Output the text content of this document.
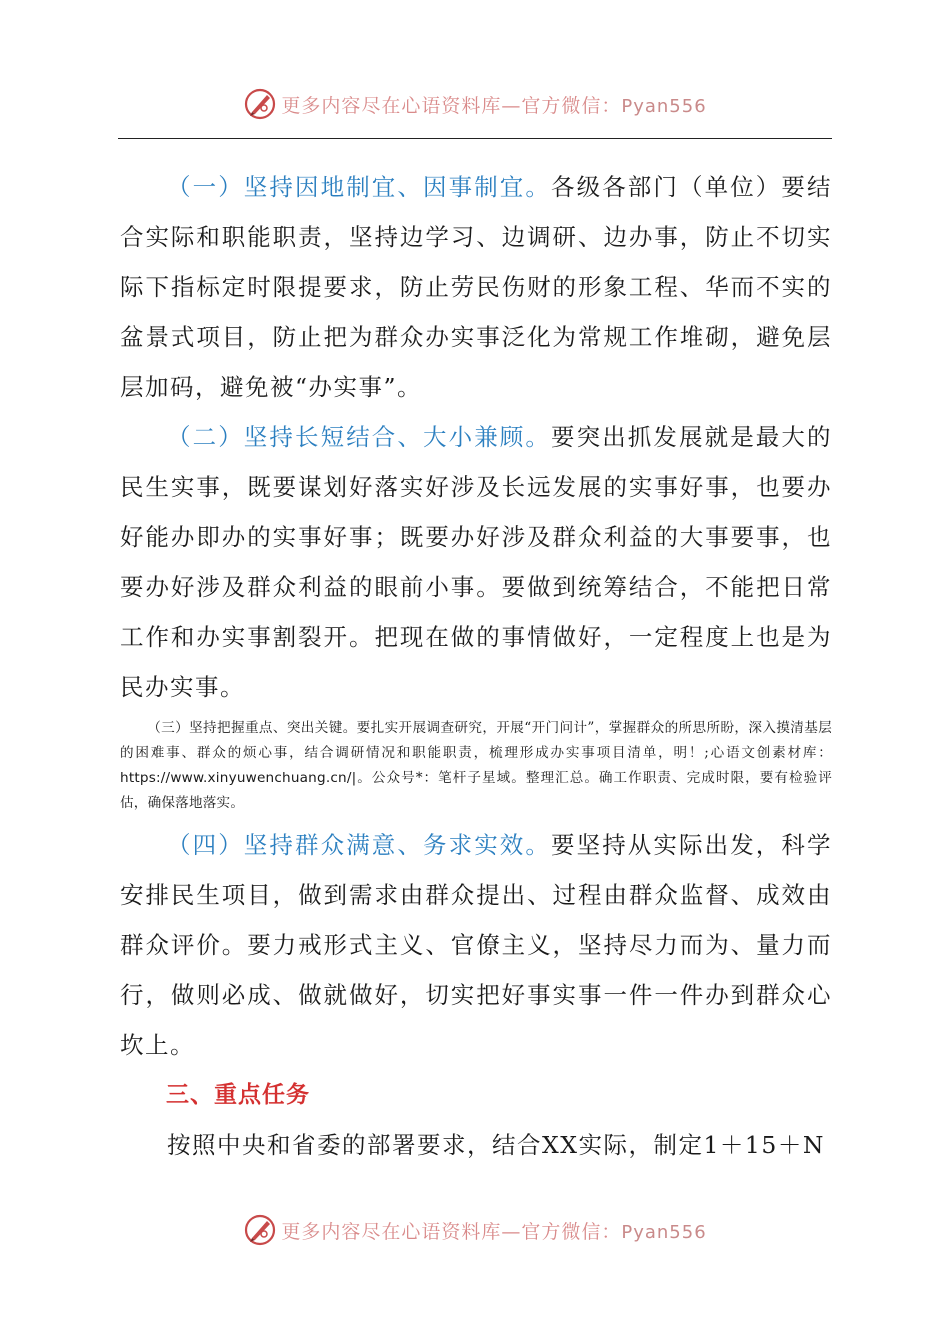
更多内容尽在心语资料库—官方微信：Pyan556

（一）坚持因地制宜、因事制宜。各级各部门（单位）要结合实际和职能职责，坚持边学习、边调研、边办事，防止不切实际下指标定时限提要求，防止劳民伤财的形象工程、华而不实的盆景式项目，防止把为群众办实事泛化为常规工作堆砌，避免层层加码，避免被“办实事”。

（二）坚持长短结合、大小兼顾。要突出抓发展就是最大的民生实事，既要谋划好落实好涉及长远发展的实事好事，也要办好能办即办的实事好事；既要办好涉及群众利益的大事要事，也要办好涉及群众利益的眼前小事。要做到统筹结合，不能把日常工作和办实事割裂开。把现在做的事情做好，一定程度上也是为民办实事。

（三）坚持把握重点、突出关键。要扎实开展调查研究，开展“开门问计”，掌握群众的所思所盼，深入摸清基层的困难事、群众的烦心事，结合调研情况和职能职责，梳理形成办实事项目清单，明！;心语文创素材库：https://www.xinyuwenchuang.cn/|。公众号*：笔杆子星域。整理汇总。确工作职责、完成时限，要有检验评估，确保落地落实。

（四）坚持群众满意、务求实效。要坚持从实际出发，科学安排民生项目，做到需求由群众提出、过程由群众监督、成效由群众评价。要力戒形式主义、官僚主义，坚持尽力而为、量力而行，做则必成、做就做好，切实把好事实事一件一件办到群众心坎上。

三、重点任务

按照中央和省委的部署要求，结合XX实际，制定1＋15＋N

更多内容尽在心语资料库—官方微信：Pyan556
